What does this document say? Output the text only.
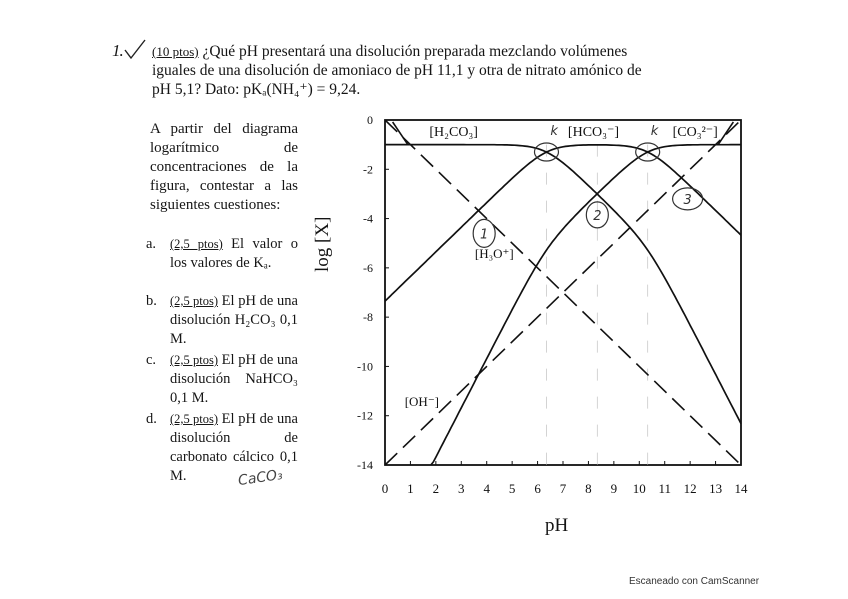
1. (10 ptos) ¿Qué pH presentará una disolución preparada mezclando volúmenes
iguales de una disolución de amoniaco de pH 11,1 y otra de nitrato amónico de
pH 5,1? Dato: pKₐ(NH₄⁺) = 9,24.
A partir del diagrama logarítmico de concentraciones de la figura, contestar a las siguientes cuestiones:
a. (2,5 ptos) El valor o los valores de Kₐ.
b. (2,5 ptos) El pH de una disolución H₂CO₃ 0,1 M.
c. (2,5 ptos) El pH de una disolución NaHCO₃ 0,1 M.
d. (2,5 ptos) El pH de una disolución de carbonato cálcico 0,1 M.	CaCO₃
0
-2
-4
-6
-8
-10
-12
-14
0 1 2 3 4 5 6 7 8 9 10 11 12 13 14
[H₂CO₃]	[HCO₃⁻]	[CO₃²⁻]
[H₃O⁺]
[OH⁻]
1
2
3
k	k
log [X]
pH
Escaneado con CamScanner
